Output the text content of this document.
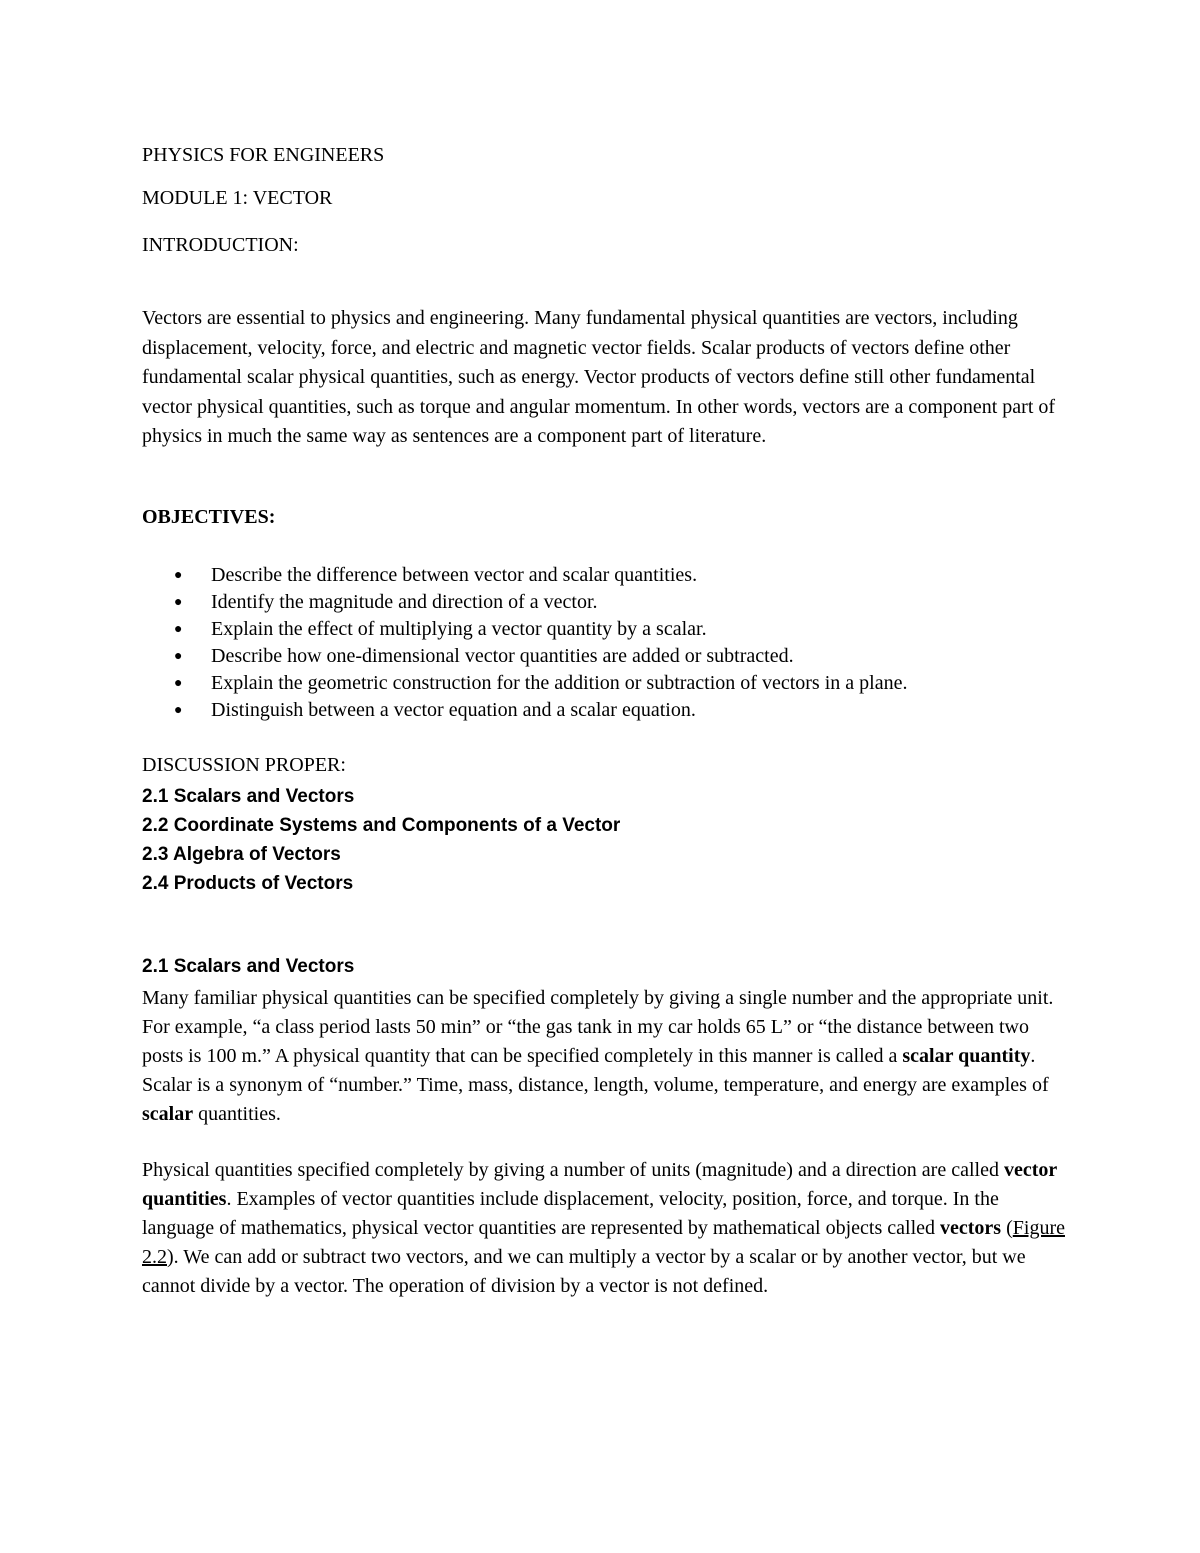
PHYSICS FOR ENGINEERS
MODULE 1: VECTOR
INTRODUCTION:
Vectors are essential to physics and engineering. Many fundamental physical quantities are vectors, including displacement, velocity, force, and electric and magnetic vector fields. Scalar products of vectors define other fundamental scalar physical quantities, such as energy. Vector products of vectors define still other fundamental vector physical quantities, such as torque and angular momentum. In other words, vectors are a component part of physics in much the same way as sentences are a component part of literature.
OBJECTIVES:
● Describe the difference between vector and scalar quantities.
● Identify the magnitude and direction of a vector.
● Explain the effect of multiplying a vector quantity by a scalar.
● Describe how one-dimensional vector quantities are added or subtracted.
● Explain the geometric construction for the addition or subtraction of vectors in a plane.
● Distinguish between a vector equation and a scalar equation.
DISCUSSION PROPER:
2.1 Scalars and Vectors
2.2 Coordinate Systems and Components of a Vector
2.3 Algebra of Vectors
2.4 Products of Vectors
2.1 Scalars and Vectors
Many familiar physical quantities can be specified completely by giving a single number and the appropriate unit. For example, “a class period lasts 50 min” or “the gas tank in my car holds 65 L” or “the distance between two posts is 100 m.” A physical quantity that can be specified completely in this manner is called a scalar quantity. Scalar is a synonym of “number.” Time, mass, distance, length, volume, temperature, and energy are examples of scalar quantities.
Physical quantities specified completely by giving a number of units (magnitude) and a direction are called vector quantities. Examples of vector quantities include displacement, velocity, position, force, and torque. In the language of mathematics, physical vector quantities are represented by mathematical objects called vectors (Figure 2.2). We can add or subtract two vectors, and we can multiply a vector by a scalar or by another vector, but we cannot divide by a vector. The operation of division by a vector is not defined.
